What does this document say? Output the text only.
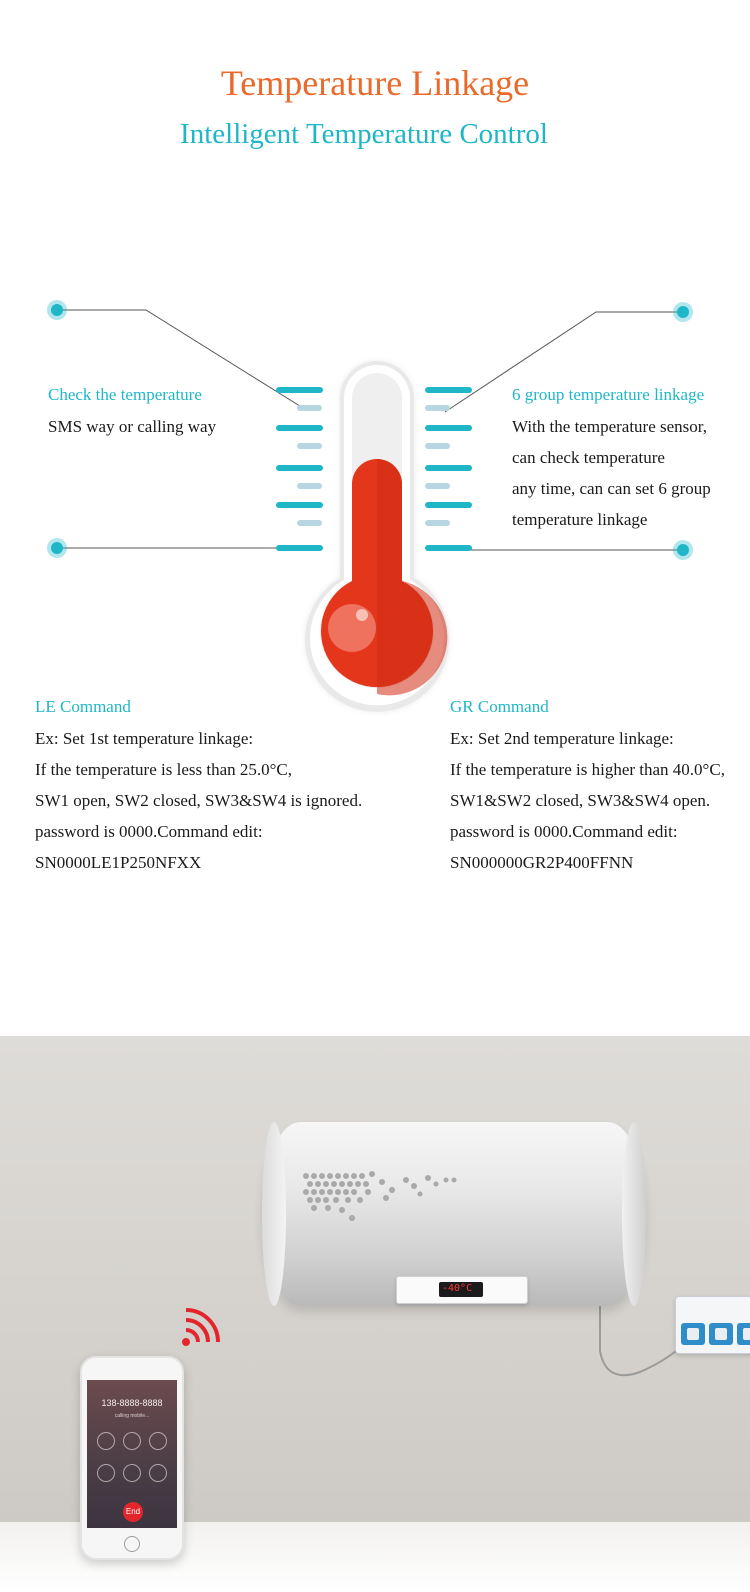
Temperature Linkage
Intelligent Temperature Control
Check the temperature
SMS way or calling way
6 group temperature linkage
With the temperature sensor,
can check temperature
any time, can can set 6 group
temperature linkage
LE Command
Ex: Set 1st temperature linkage:
If the temperature is less than 25.0°C,
SW1 open, SW2 closed, SW3&SW4 is ignored.
password is 0000.Command edit:
SN0000LE1P250NFXX
GR Command
Ex: Set 2nd temperature linkage:
If the temperature is higher than 40.0°C,
SW1&SW2 closed, SW3&SW4 open.
password is 0000.Command edit:
SN000000GR2P400FFNN
-40°C
138-8888-8888
calling mobile...
End
